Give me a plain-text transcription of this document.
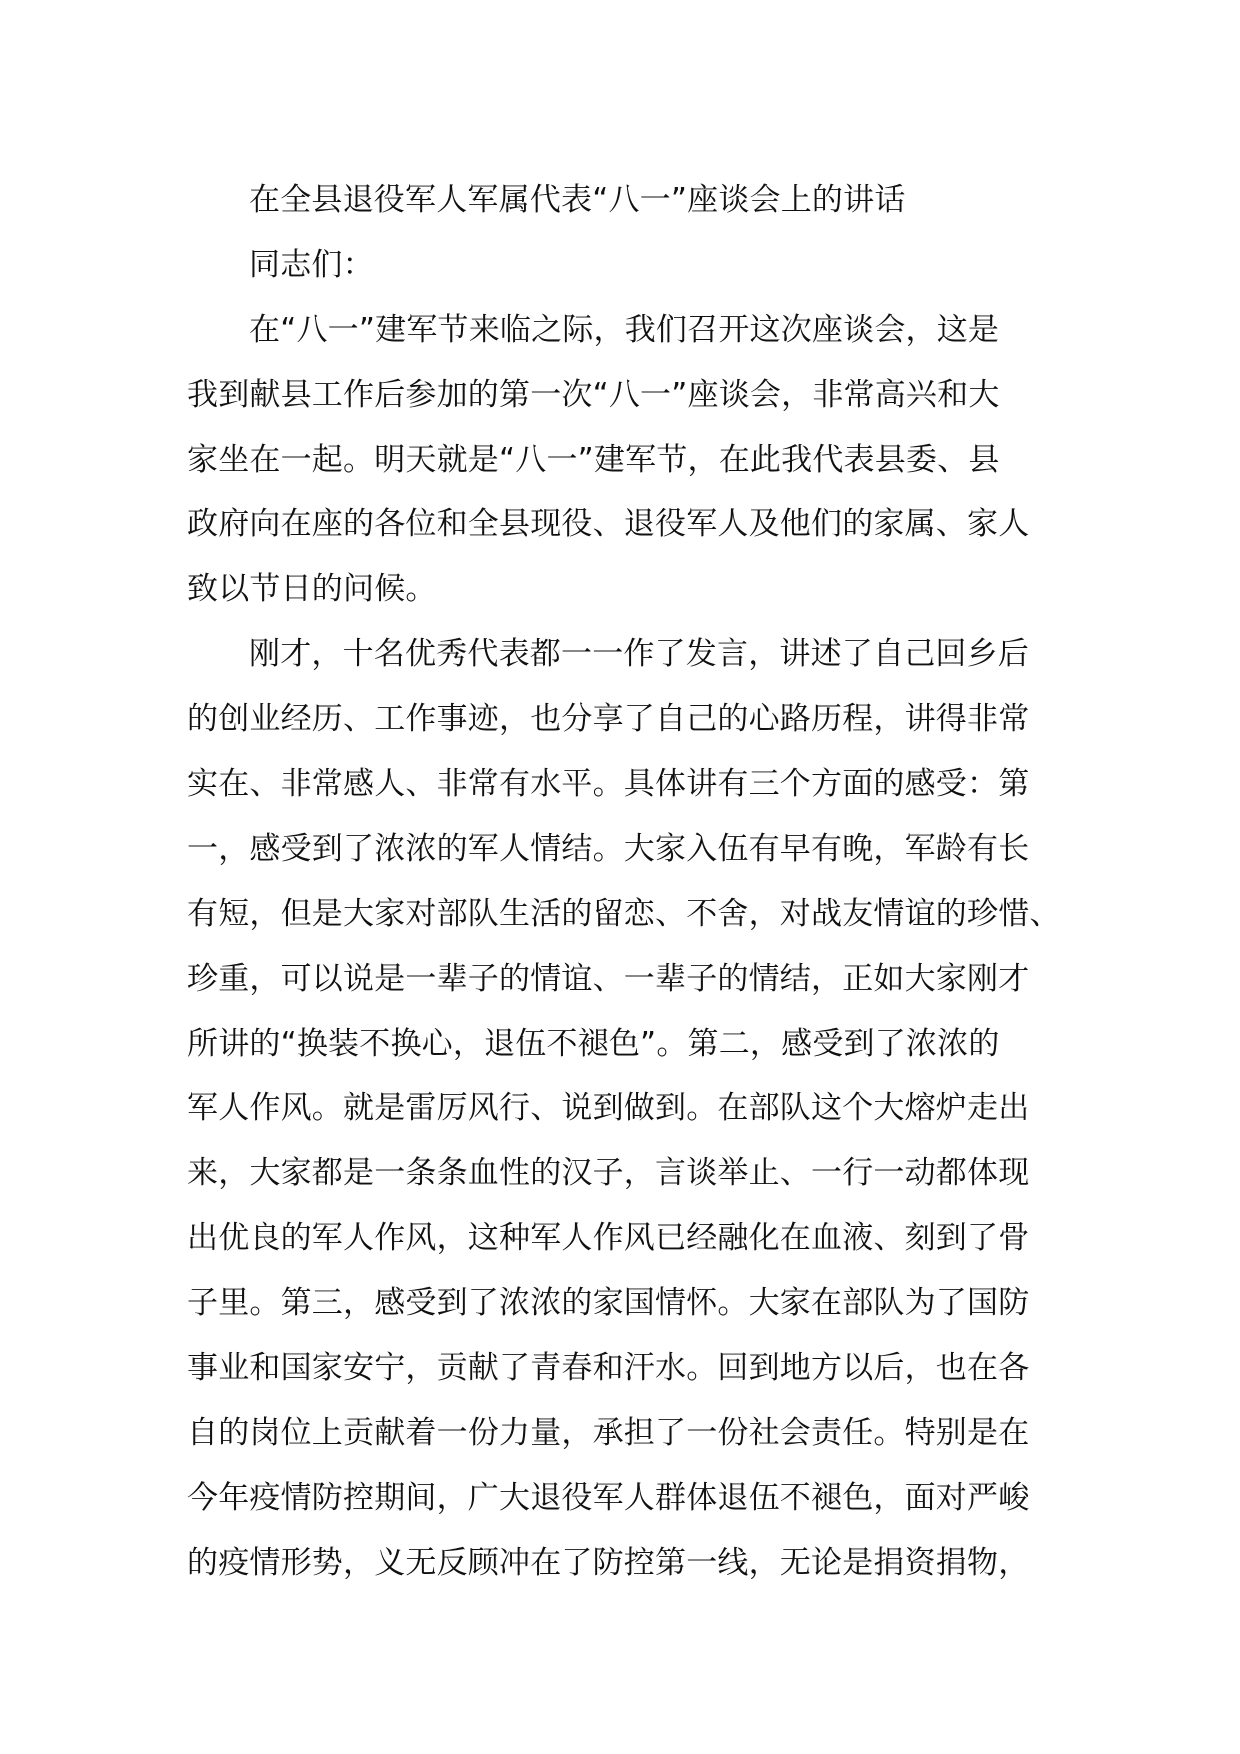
在全县退役军人军属代表“八一”座谈会上的讲话
同志们：
在“八一”建军节来临之际，我们召开这次座谈会，这是
我到献县工作后参加的第一次“八一”座谈会，非常高兴和大
家坐在一起。明天就是“八一”建军节，在此我代表县委、县
政府向在座的各位和全县现役、退役军人及他们的家属、家人
致以节日的问候。
刚才，十名优秀代表都一一作了发言，讲述了自己回乡后
的创业经历、工作事迹，也分享了自己的心路历程，讲得非常
实在、非常感人、非常有水平。具体讲有三个方面的感受：第
一，感受到了浓浓的军人情结。大家入伍有早有晚，军龄有长
有短，但是大家对部队生活的留恋、不舍，对战友情谊的珍惜、
珍重，可以说是一辈子的情谊、一辈子的情结，正如大家刚才
所讲的“换装不换心，退伍不褪色”。第二，感受到了浓浓的
军人作风。就是雷厉风行、说到做到。在部队这个大熔炉走出
来，大家都是一条条血性的汉子，言谈举止、一行一动都体现
出优良的军人作风，这种军人作风已经融化在血液、刻到了骨
子里。第三，感受到了浓浓的家国情怀。大家在部队为了国防
事业和国家安宁，贡献了青春和汗水。回到地方以后，也在各
自的岗位上贡献着一份力量，承担了一份社会责任。特别是在
今年疫情防控期间，广大退役军人群体退伍不褪色，面对严峻
的疫情形势，义无反顾冲在了防控第一线，无论是捐资捐物，
